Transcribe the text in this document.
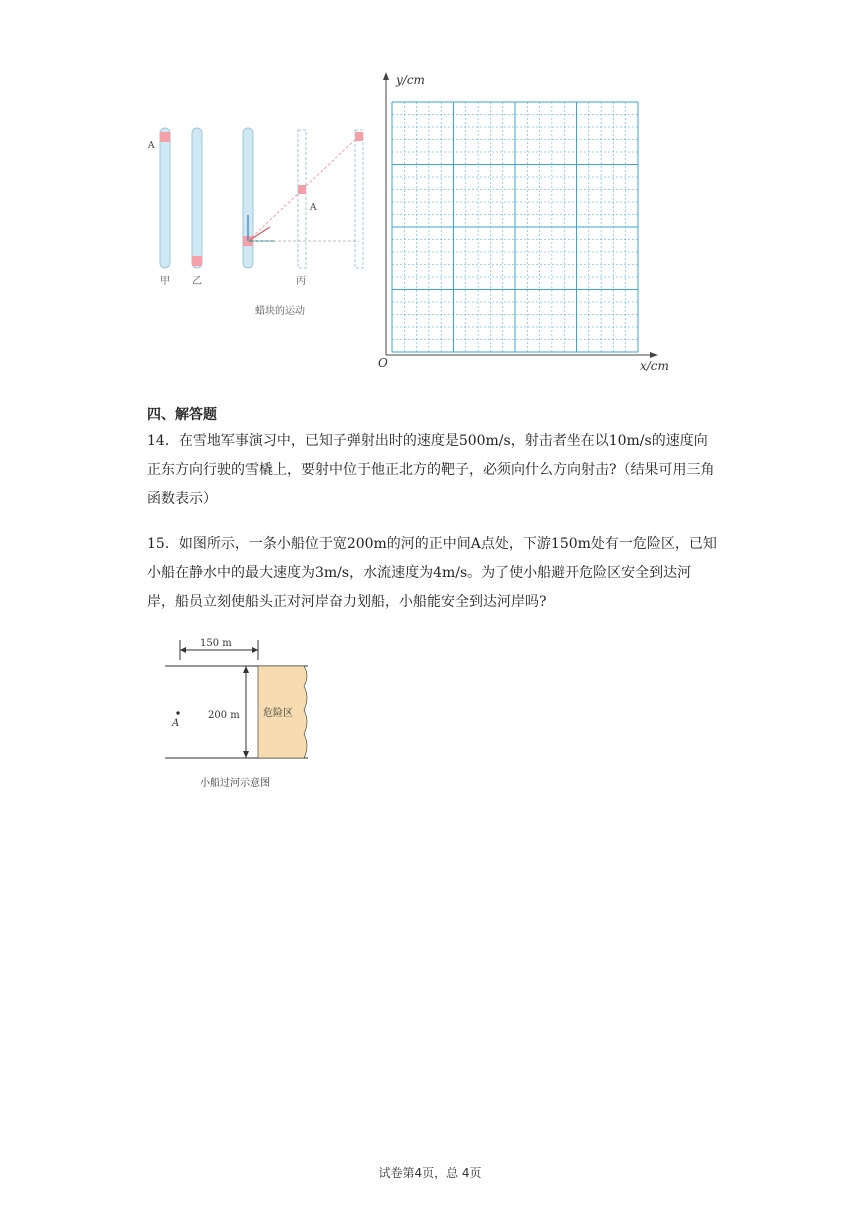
A
甲 乙
A
丙
蜡块的运动
y/cm
x/cm
O
四、解答题
14．在雪地军事演习中，已知子弹射出时的速度是500m/s，射击者坐在以10m/s的速度向正东方向行驶的雪橇上，要射中位于他正北方的靶子，必须向什么方向射击?（结果可用三角函数表示）
15．如图所示，一条小船位于宽200m的河的正中间A点处，下游150m处有一危险区，已知小船在静水中的最大速度为3m/s，水流速度为4m/s。为了使小船避开危险区安全到达河岸，船员立刻使船头正对河岸奋力划船，小船能安全到达河岸吗?
150 m
危险区
200 m
A
小船过河示意图
试卷第4页，总 4页
